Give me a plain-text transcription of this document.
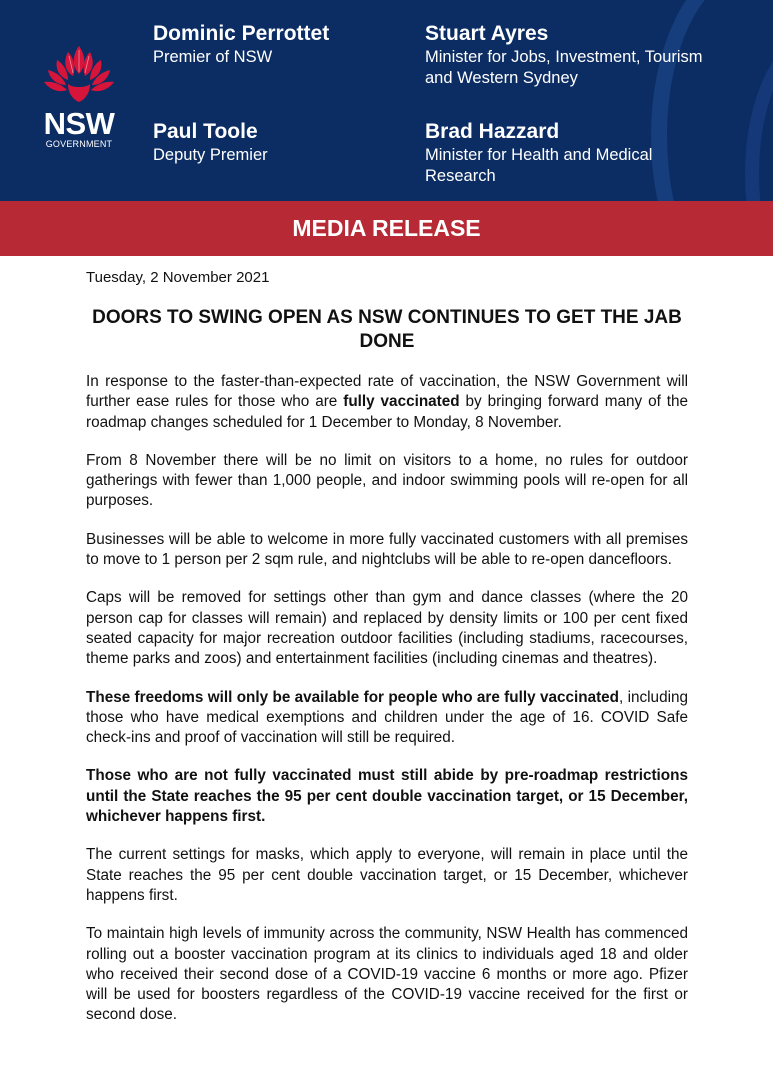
NSW
GOVERNMENT
Dominic Perrottet
Premier of NSW
Stuart Ayres
Minister for Jobs, Investment, Tourism and Western Sydney
Paul Toole
Deputy Premier
Brad Hazzard
Minister for Health and Medical Research
MEDIA RELEASE
Tuesday, 2 November 2021
DOORS TO SWING OPEN AS NSW CONTINUES TO GET THE JAB DONE

In response to the faster-than-expected rate of vaccination, the NSW Government will further ease rules for those who are fully vaccinated by bringing forward many of the roadmap changes scheduled for 1 December to Monday, 8 November.

From 8 November there will be no limit on visitors to a home, no rules for outdoor gatherings with fewer than 1,000 people, and indoor swimming pools will re-open for all purposes.

Businesses will be able to welcome in more fully vaccinated customers with all premises to move to 1 person per 2 sqm rule, and nightclubs will be able to re-open dancefloors.

Caps will be removed for settings other than gym and dance classes (where the 20 person cap for classes will remain) and replaced by density limits or 100 per cent fixed seated capacity for major recreation outdoor facilities (including stadiums, racecourses, theme parks and zoos) and entertainment facilities (including cinemas and theatres).

These freedoms will only be available for people who are fully vaccinated, including those who have medical exemptions and children under the age of 16. COVID Safe check-ins and proof of vaccination will still be required.

Those who are not fully vaccinated must still abide by pre-roadmap restrictions until the State reaches the 95 per cent double vaccination target, or 15 December, whichever happens first.

The current settings for masks, which apply to everyone, will remain in place until the State reaches the 95 per cent double vaccination target, or 15 December, whichever happens first.

To maintain high levels of immunity across the community, NSW Health has commenced rolling out a booster vaccination program at its clinics to individuals aged 18 and older who received their second dose of a COVID-19 vaccine 6 months or more ago. Pfizer will be used for boosters regardless of the COVID-19 vaccine received for the first or second dose.
